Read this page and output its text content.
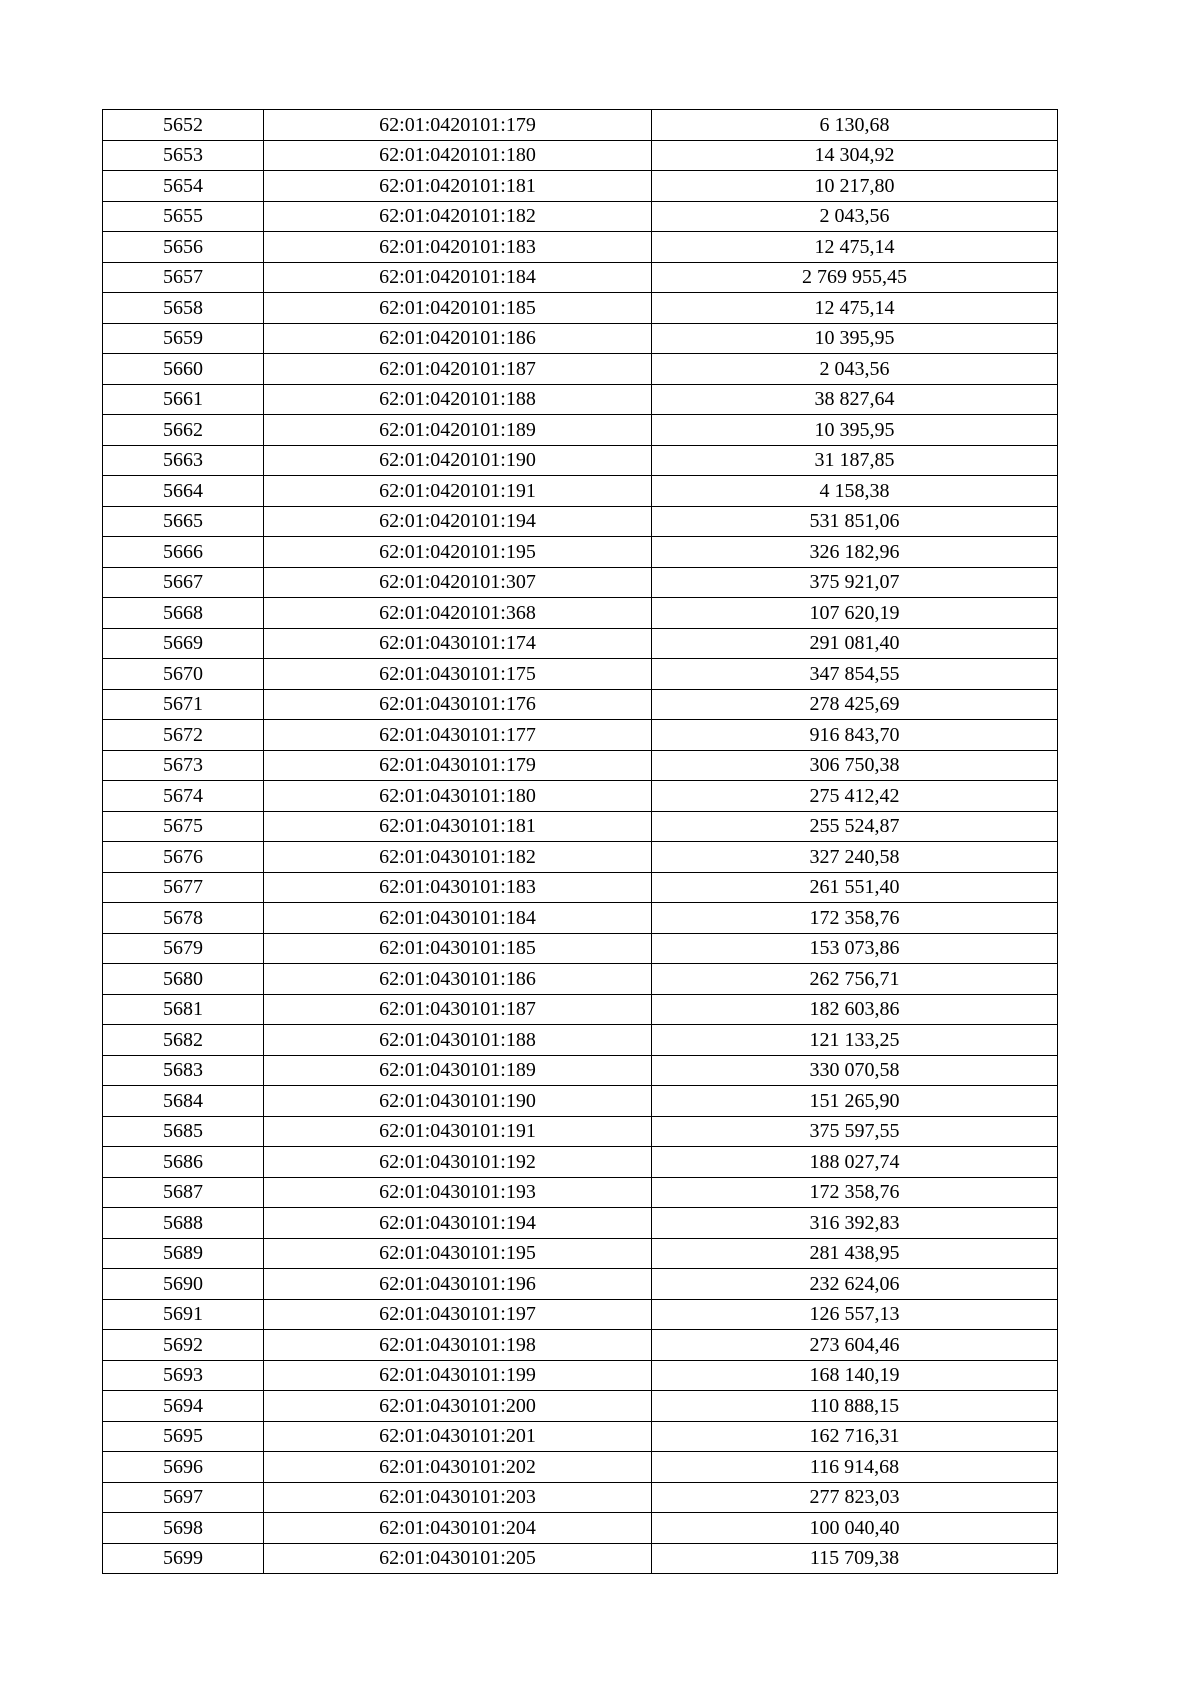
5652	62:01:0420101:179	6 130,68
5653	62:01:0420101:180	14 304,92
5654	62:01:0420101:181	10 217,80
5655	62:01:0420101:182	2 043,56
5656	62:01:0420101:183	12 475,14
5657	62:01:0420101:184	2 769 955,45
5658	62:01:0420101:185	12 475,14
5659	62:01:0420101:186	10 395,95
5660	62:01:0420101:187	2 043,56
5661	62:01:0420101:188	38 827,64
5662	62:01:0420101:189	10 395,95
5663	62:01:0420101:190	31 187,85
5664	62:01:0420101:191	4 158,38
5665	62:01:0420101:194	531 851,06
5666	62:01:0420101:195	326 182,96
5667	62:01:0420101:307	375 921,07
5668	62:01:0420101:368	107 620,19
5669	62:01:0430101:174	291 081,40
5670	62:01:0430101:175	347 854,55
5671	62:01:0430101:176	278 425,69
5672	62:01:0430101:177	916 843,70
5673	62:01:0430101:179	306 750,38
5674	62:01:0430101:180	275 412,42
5675	62:01:0430101:181	255 524,87
5676	62:01:0430101:182	327 240,58
5677	62:01:0430101:183	261 551,40
5678	62:01:0430101:184	172 358,76
5679	62:01:0430101:185	153 073,86
5680	62:01:0430101:186	262 756,71
5681	62:01:0430101:187	182 603,86
5682	62:01:0430101:188	121 133,25
5683	62:01:0430101:189	330 070,58
5684	62:01:0430101:190	151 265,90
5685	62:01:0430101:191	375 597,55
5686	62:01:0430101:192	188 027,74
5687	62:01:0430101:193	172 358,76
5688	62:01:0430101:194	316 392,83
5689	62:01:0430101:195	281 438,95
5690	62:01:0430101:196	232 624,06
5691	62:01:0430101:197	126 557,13
5692	62:01:0430101:198	273 604,46
5693	62:01:0430101:199	168 140,19
5694	62:01:0430101:200	110 888,15
5695	62:01:0430101:201	162 716,31
5696	62:01:0430101:202	116 914,68
5697	62:01:0430101:203	277 823,03
5698	62:01:0430101:204	100 040,40
5699	62:01:0430101:205	115 709,38
